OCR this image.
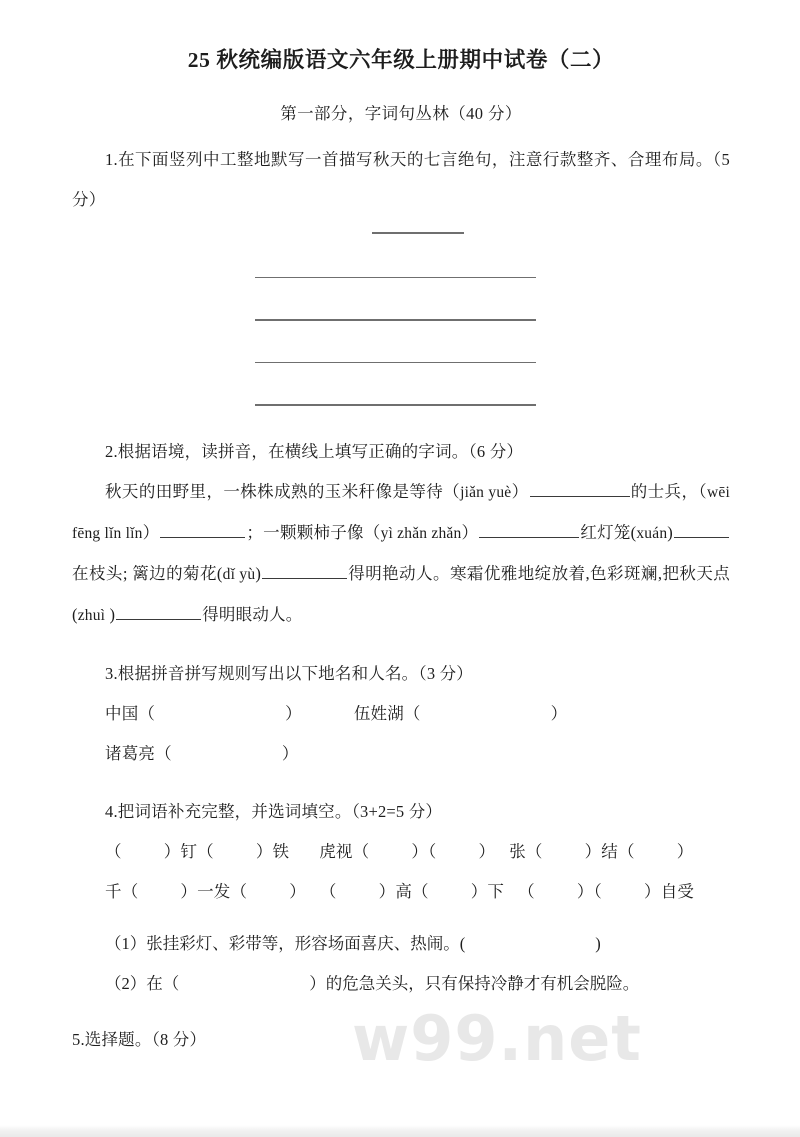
w99.net
25 秋统编版语文六年级上册期中试卷（二）
第一部分，字词句丛林（40 分）

1.在下面竖列中工整地默写一首描写秋天的七言绝句，注意行款整齐、合理布局。（5 分）

2.根据语境，读拼音，在横线上填写正确的字词。（6 分）

秋天的田野里，一株株成熟的玉米秆像是等待（jiǎn yuè）	的士兵，（wēi　fēng lǐn lǐn）	；一颗颗柿子像（yì zhǎn zhǎn）	红灯笼(xuán)在枝头; 篱边的菊花(dǐ yù)	得明艳动人。寒霜优雅地绽放着,色彩斑斓,把秋天点(zhuì )	得明眼动人。

3.根据拼音拼写规则写出以下地名和人名。（3 分）

中国（	）	伍姓湖（	）

诸葛亮（	）

4.把词语补充完整，并选词填空。（3+2=5 分）

（	）钉（	）铁 虎视（	）（	） 张（	）结（	）

千（	）一发（	） （	）高（	）下 （	）（	）自受

（1）张挂彩灯、彩带等，形容场面喜庆、热闹。(	)

（2）在（	）的危急关头，只有保持冷静才有机会脱险。

5.选择题。（8 分）
